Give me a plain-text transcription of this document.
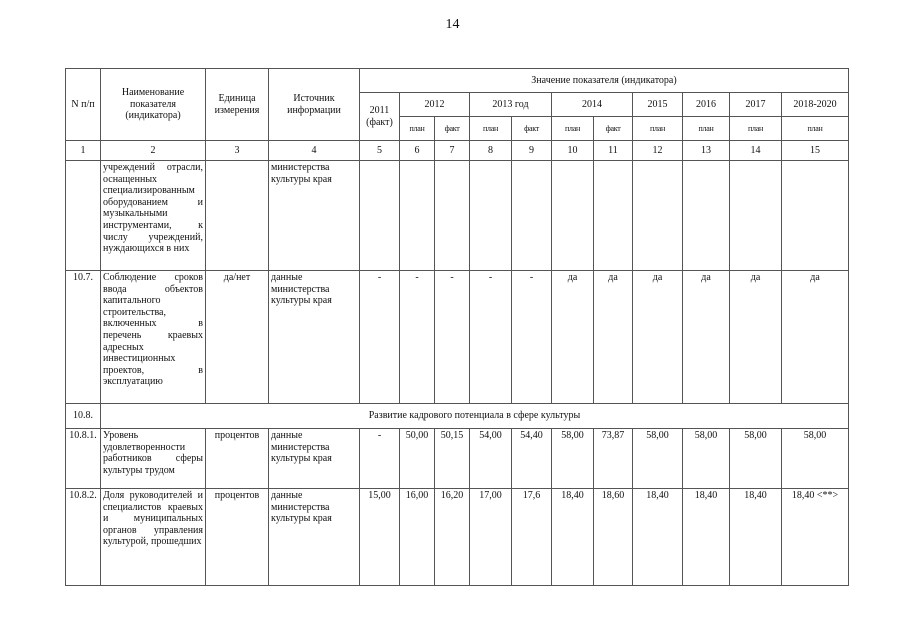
14
N п/п	Наименование показателя (индикатора)	Единица измерения	Источник информации	Значение показателя (индикатора)										
				2011 (факт)	2012		2013 год		2014		2015	2016	2017	2018-2020
					план	факт	план	факт	план	факт	план	план	план	план
1	2	3	4	5	6	7	8	9	10	11	12	13	14	15
	учреждений отрасли, оснащенных специализированным оборудованием и музыкальными инструментами, к числу учреждений, нуждающихся в них		министерства культуры края											
10.7.	Соблюдение сроков ввода объектов капитального строительства, включенных в перечень краевых адресных инвестиционных проектов, в эксплуатацию	да/нет	данные министерства культуры края	-	-	-	-	-	да	да	да	да	да	да
10.8.	Развитие кадрового потенциала в сфере культуры													
10.8.1.	Уровень удовлетворенности работников сферы культуры трудом	процентов	данные министерства культуры края	-	50,00	50,15	54,00	54,40	58,00	73,87	58,00	58,00	58,00	58,00
10.8.2.	Доля руководителей и специалистов краевых и муниципальных органов управления культурой, прошедших	процентов	данные министерства культуры края	15,00	16,00	16,20	17,00	17,6	18,40	18,60	18,40	18,40	18,40	18,40 <**>
